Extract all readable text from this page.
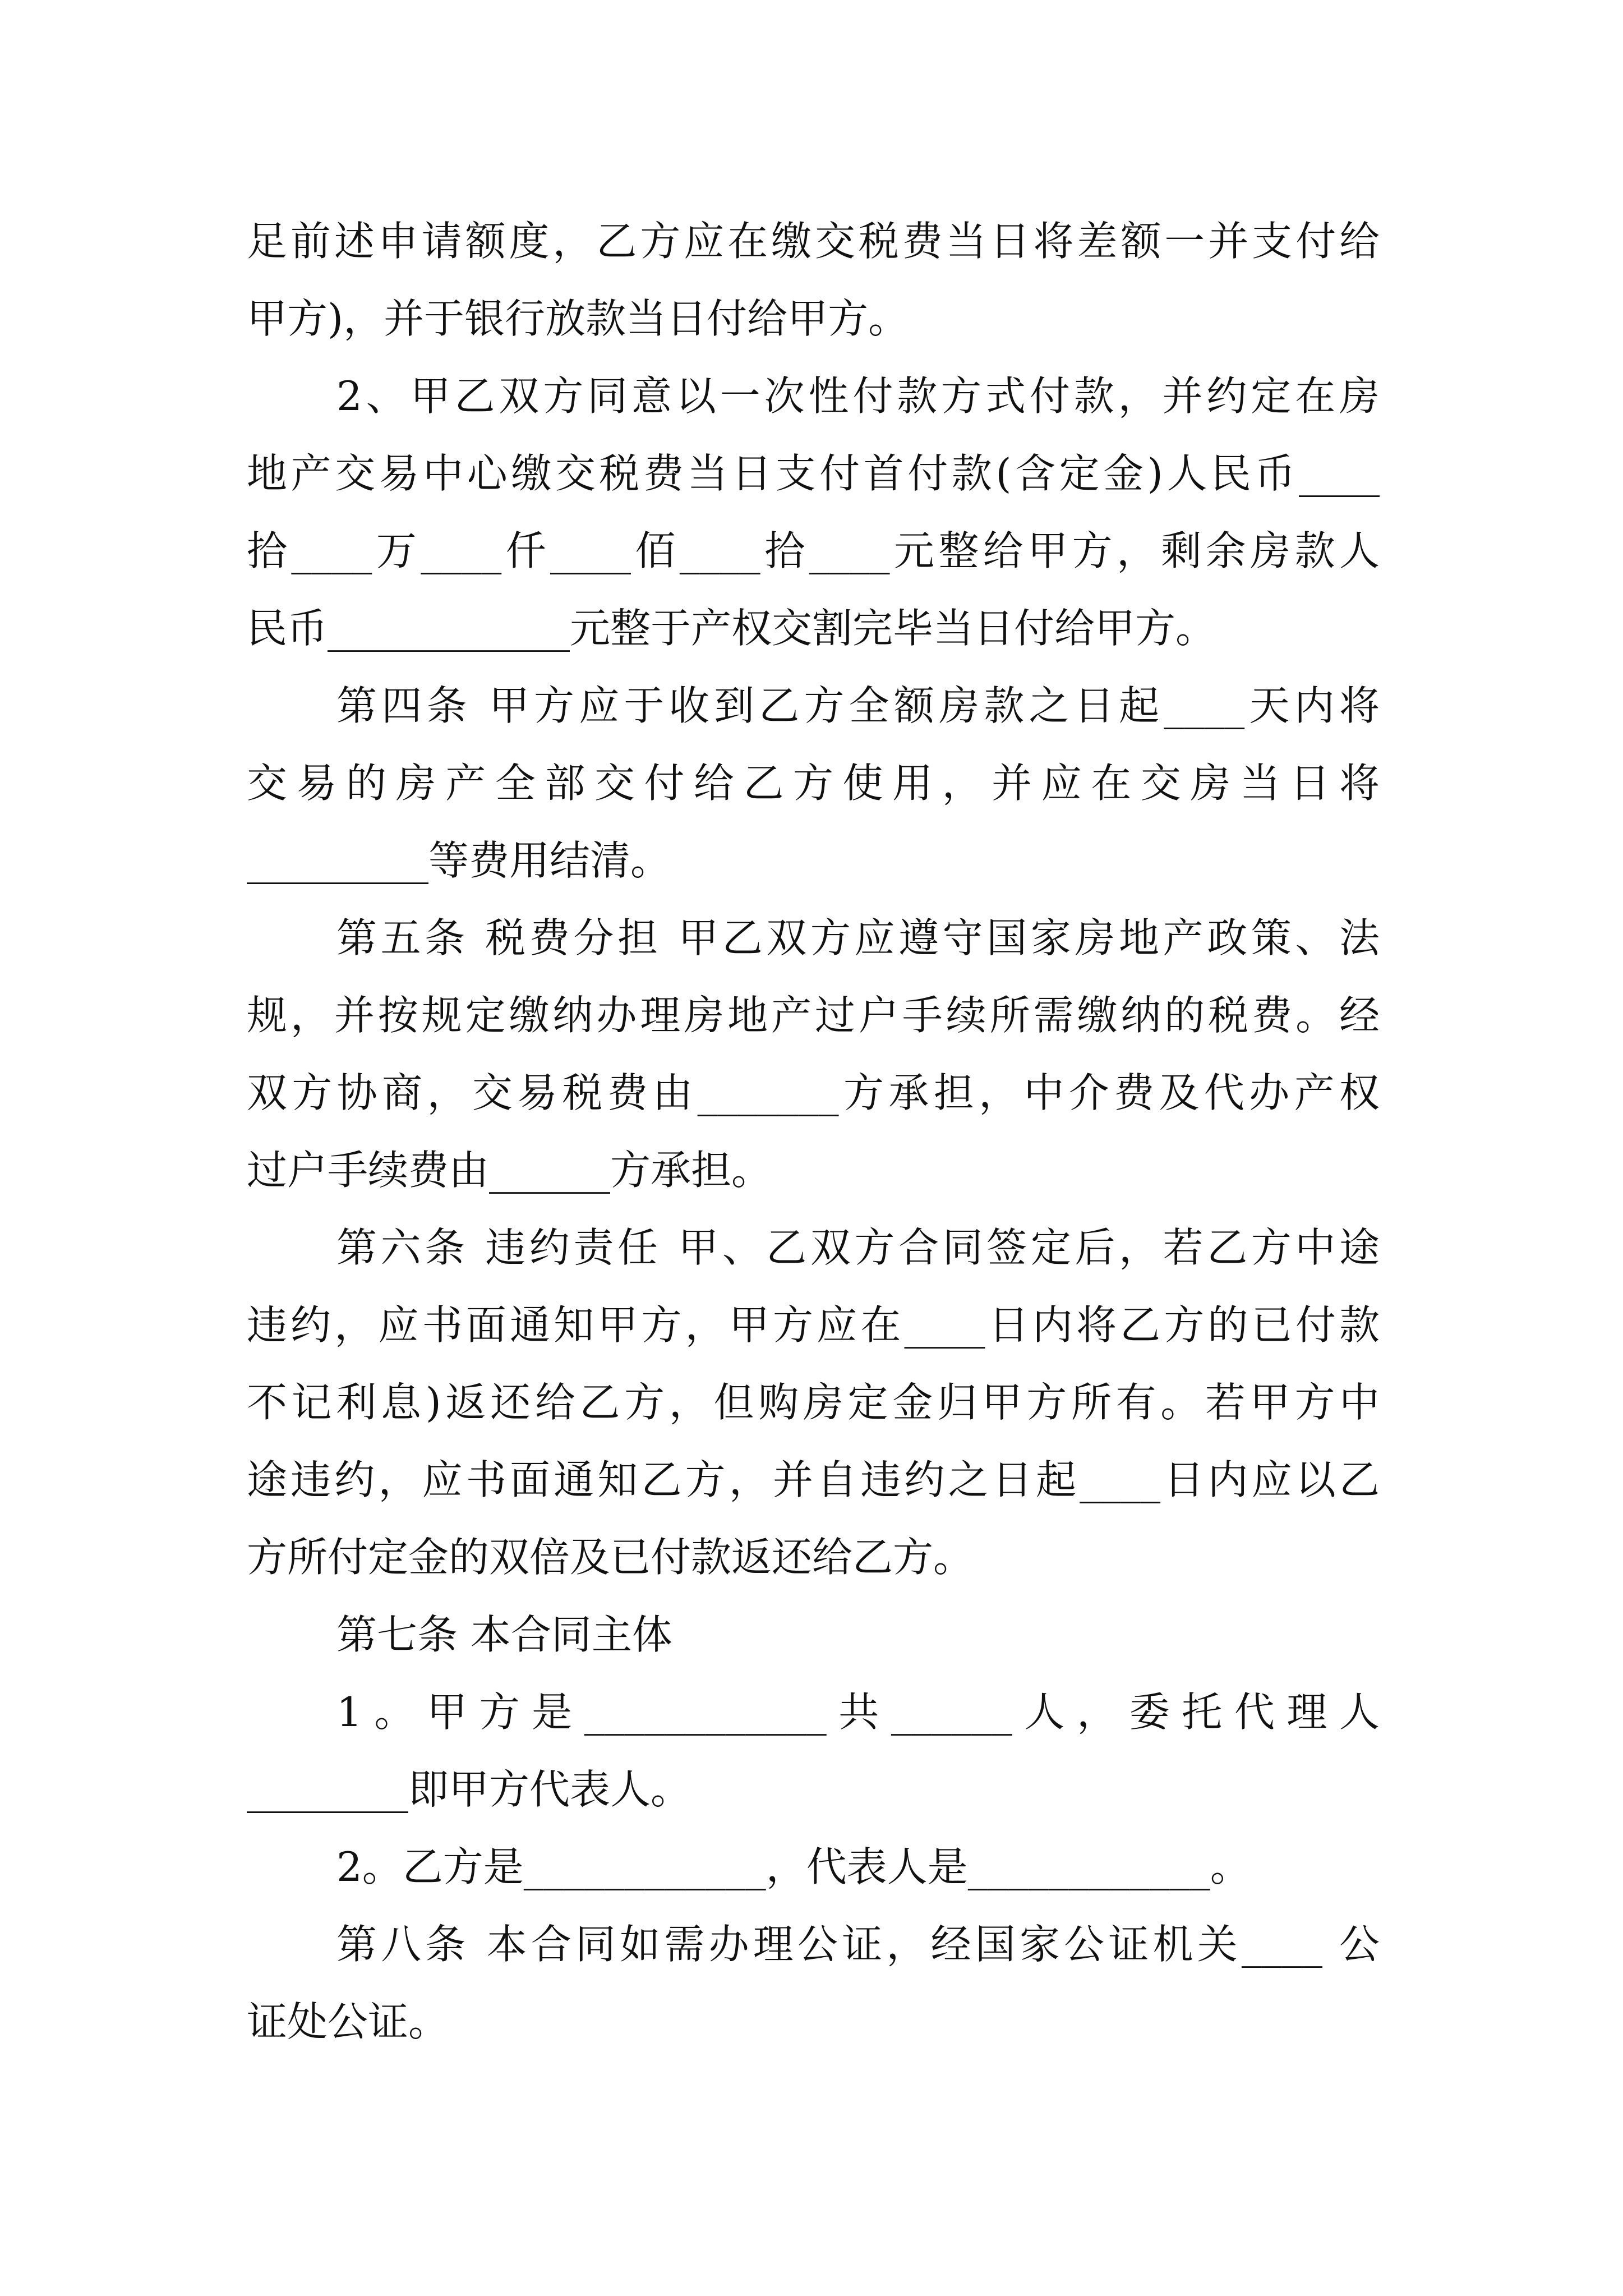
足前述申请额度，乙方应在缴交税费当日将差额一并支付给
甲方)，并于银行放款当日付给甲方。
2、甲乙双方同意以一次性付款方式付款，并约定在房
地产交易中心缴交税费当日支付首付款(含定金)人民币____
拾____万____仟____佰____拾____元整给甲方，剩余房款人
民币____________元整于产权交割完毕当日付给甲方。
第四条 甲方应于收到乙方全额房款之日起____天内将
交易的房产全部交付给乙方使用，并应在交房当日将
_________等费用结清。
第五条 税费分担 甲乙双方应遵守国家房地产政策、法
规，并按规定缴纳办理房地产过户手续所需缴纳的税费。经
双方协商，交易税费由_______方承担，中介费及代办产权
过户手续费由______方承担。
第六条 违约责任 甲、乙双方合同签定后，若乙方中途
违约，应书面通知甲方，甲方应在____日内将乙方的已付款
不记利息)返还给乙方，但购房定金归甲方所有。若甲方中
途违约，应书面通知乙方，并自违约之日起____日内应以乙
方所付定金的双倍及已付款返还给乙方。
第七条 本合同主体
1。甲方是____________共______人，委托代理人
________即甲方代表人。
2。乙方是____________，代表人是____________。
第八条 本合同如需办理公证，经国家公证机关____ 公
证处公证。
